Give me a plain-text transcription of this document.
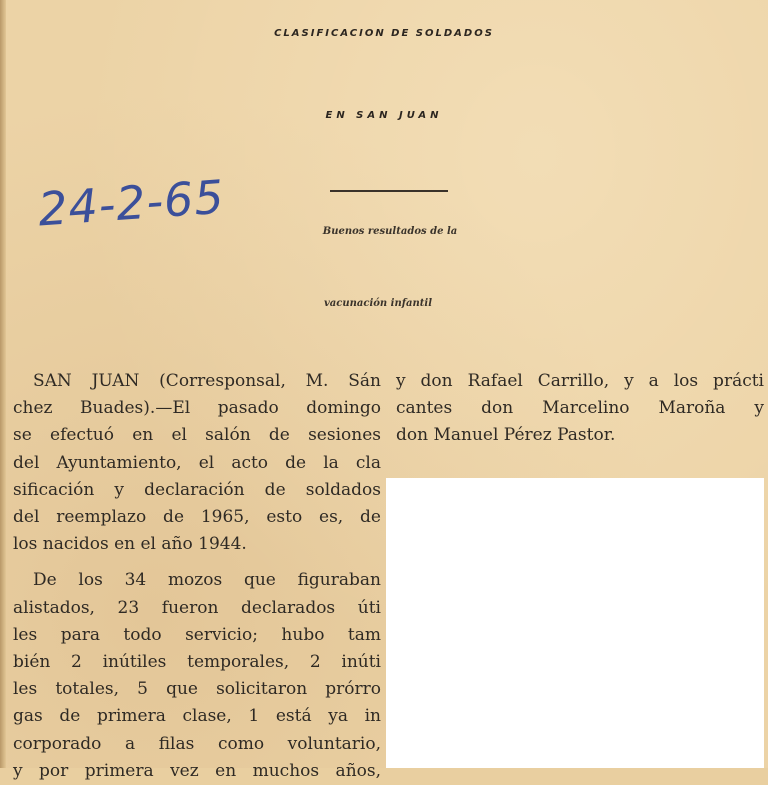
CLASIFICACION DE SOLDADOS
EN SAN JUAN
24-2-65	Buenos resultados de la
vacunación infantil
SAN JUAN (Corresponsal, M. Sán
chez Buades).—El pasado domingo
se efectuó en el salón de sesiones
del Ayuntamiento, el acto de la cla
sificación y declaración de soldados
del reemplazo de 1965, esto es, de
los nacidos en el año 1944.
De los 34 mozos que figuraban
alistados, 23 fueron declarados úti
les para todo servicio; hubo tam
bién 2 inútiles temporales, 2 inúti
les totales, 5 que solicitaron prórro
gas de primera clase, 1 está ya in
corporado a filas como voluntario,
y por primera vez en muchos años,
y don Rafael Carrillo, y a los prácti
cantes don Marcelino Maroña y
don Manuel Pérez Pastor.
